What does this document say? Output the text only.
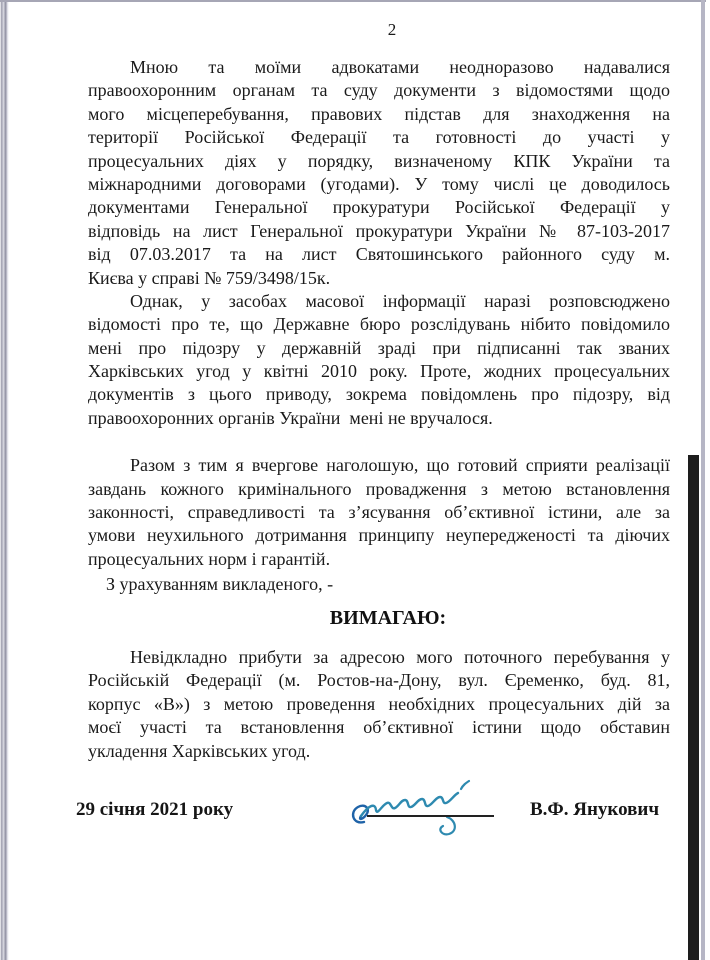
2
Мною та моїми адвокатами неодноразово надавалися
правоохоронним органам та суду документи з відомостями щодо
мого місцеперебування, правових підстав для знаходження на
території Російської Федерації та готовності до участі у
процесуальних діях у порядку, визначеному КПК України та
міжнародними договорами (угодами). У тому числі це доводилось
документами Генеральної прокуратури Російської Федерації у
відповідь на лист Генеральної прокуратури України № 87-103-2017
від 07.03.2017 та на лист Святошинського районного суду м.
Києва у справі № 759/3498/15к.
Однак, у засобах масової інформації наразі розповсюджено
відомості про те, що Державне бюро розслідувань нібито повідомило
мені про підозру у державній зраді при підписанні так званих
Харківських угод у квітні 2010 року. Проте, жодних процесуальних
документів з цього приводу, зокрема повідомлень про підозру, від
правоохоронних органів України  мені не вручалося.
Разом з тим я вчергове наголошую, що готовий сприяти реалізації
завдань кожного кримінального провадження з метою встановлення
законності, справедливості та з’ясування об’єктивної істини, але за
умови неухильного дотримання принципу неупередженості та діючих
процесуальних норм і гарантій.
З урахуванням викладеного, -
ВИМАГАЮ:
Невідкладно прибути за адресою мого поточного перебування у
Російській Федерації (м. Ростов-на-Дону, вул. Єременко, буд. 81,
корпус «В») з метою проведення необхідних процесуальних дій за
моєї участі та встановлення об’єктивної істини щодо обставин
укладення Харківських угод.
29 січня 2021 року	В.Ф. Янукович
